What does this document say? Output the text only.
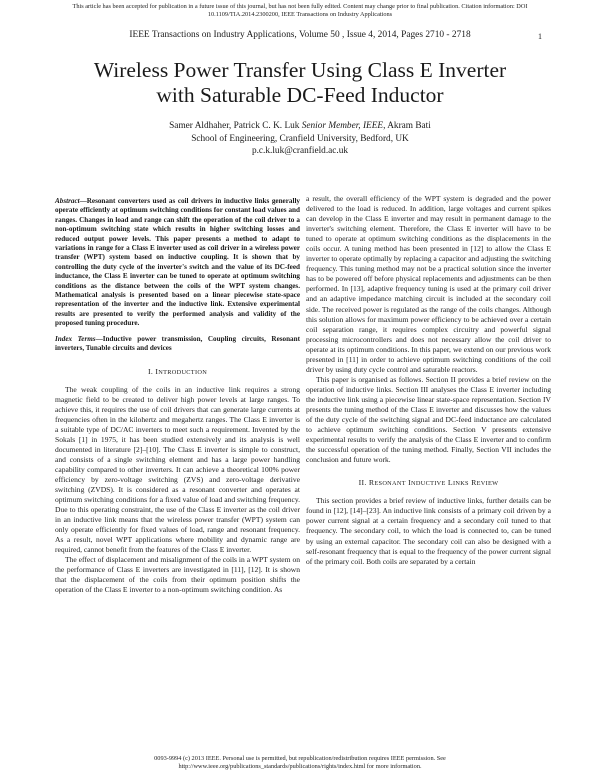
This article has been accepted for publication in a future issue of this journal, but has not been fully edited. Content may change prior to final publication. Citation information: DOI
10.1109/TIA.2014.2300200, IEEE Transactions on Industry Applications
IEEE Transactions on Industry Applications, Volume 50 , Issue 4, 2014, Pages 2710 - 2718	1
Wireless Power Transfer Using Class E Inverter
with Saturable DC-Feed Inductor
Samer Aldhaher, Patrick C. K. Luk Senior Member, IEEE, Akram Bati
School of Engineering, Cranfield University, Bedford, UK
p.c.k.luk@cranfield.ac.uk
Abstract—Resonant converters used as coil drivers in inductive links generally operate efficiently at optimum switching conditions for constant load values and ranges. Changes in load and range can shift the operation of the coil driver to a non-optimum switching state which results in higher switching losses and reduced output power levels. This paper presents a method to adapt to variations in range for a Class E inverter used as coil driver in a wireless power transfer (WPT) system based on inductive coupling. It is shown that by controlling the duty cycle of the inverter's switch and the value of its DC-feed inductance, the Class E inverter can be tuned to operate at optimum switching conditions as the distance between the coils of the WPT system changes. Mathematical analysis is presented based on a linear piecewise state-space representation of the inverter and the inductive link. Extensive experimental results are presented to verify the performed analysis and validity of the proposed tuning procedure.
Index Terms—Inductive power transmission, Coupling circuits, Resonant inverters, Tunable circuits and devices
I. INTRODUCTION

The weak coupling of the coils in an inductive link requires a strong magnetic field to be created to deliver high power levels at large ranges. To achieve this, it requires the use of coil drivers that can generate large currents at frequencies often in the kilohertz and megahertz ranges. The Class E inverter is a suitable type of DC/AC inverters to meet such a requirement. Invented by the Sokals [1] in 1975, it has been studied extensively and its analysis is well documented in literature [2]–[10]. The Class E inverter is simple to construct, and consists of a single switching element and has a large power handling capability compared to other inverters. It can achieve a theoretical 100% power efficiency by zero-voltage switching (ZVS) and zero-voltage derivative switching (ZVDS). It is considered as a resonant converter and operates at optimum switching conditions for a fixed value of load and switching frequency. Due to this operating constraint, the use of the Class E inverter as the coil driver in an inductive link means that the wireless power transfer (WPT) system can only operate efficiently for fixed values of load, range and resonant frequency. As a result, novel WPT applications where mobility and dynamic range are required, cannot benefit from the features of the Class E inverter.

The effect of displacement and misalignment of the coils in a WPT system on the performance of Class E inverters are investigated in [11], [12]. It is shown that the displacement of the coils from their optimum position shifts the operation of the Class E inverter to a non-optimum switching condition. As

a result, the overall efficiency of the WPT system is degraded and the power delivered to the load is reduced. In addition, large voltages and current spikes can develop in the Class E inverter and may result in permanent damage to the inverter's switching element. Therefore, the Class E inverter will have to be tuned to operate at optimum switching conditions as the displacements in the coils occur. A tuning method has been presented in [12] to allow the Class E inverter to operate optimally by replacing a capacitor and adjusting the switching frequency. This tuning method may not be a practical solution since the inverter has to be powered off before physical replacements and adjustments can be then performed. In [13], adaptive frequency tuning is used at the primary coil driver and an adaptive impedance matching circuit is included at the secondary coil side. The received power is regulated as the range of the coils changes. Although this solution allows for maximum power efficiency to be achieved over a certain coil separation range, it requires complex circuitry and powerful signal processing microcontrollers and does not necessary allow the coil driver to operate at its optimum conditions. In this paper, we extend on our previous work presented in [11] in order to achieve optimum switching conditions of the coil driver by using duty cycle control and saturable reactors.

This paper is organised as follows. Section II provides a brief review on the operation of inductive links. Section III analyses the Class E inverter including the inductive link using a piecewise linear state-space representation. Section IV presents the tuning method of the Class E inverter and discusses how the values of the duty cycle of the switching signal and DC-feed inductance are calculated to achieve optimum switching conditions. Section V presents extensive experimental results to verify the analysis of the Class E inverter and to confirm the successful operation of the tuning method. Finally, Section VII includes the conclusion and future work.

II. RESONANT INDUCTIVE LINKS REVIEW

This section provides a brief review of inductive links, further details can be found in [12], [14]–[23]. An inductive link consists of a primary coil driven by a power current signal at a certain frequency and a secondary coil tuned to that frequency. The secondary coil, to which the load is connected to, can be tuned by using an external capacitor. The secondary coil can also be designed with a self-resonant frequency that is equal to the frequency of the power current signal of the primary coil. Both coils are separated by a certain

0093-9994 (c) 2013 IEEE. Personal use is permitted, but republication/redistribution requires IEEE permission. See
http://www.ieee.org/publications_standards/publications/rights/index.html for more information.
